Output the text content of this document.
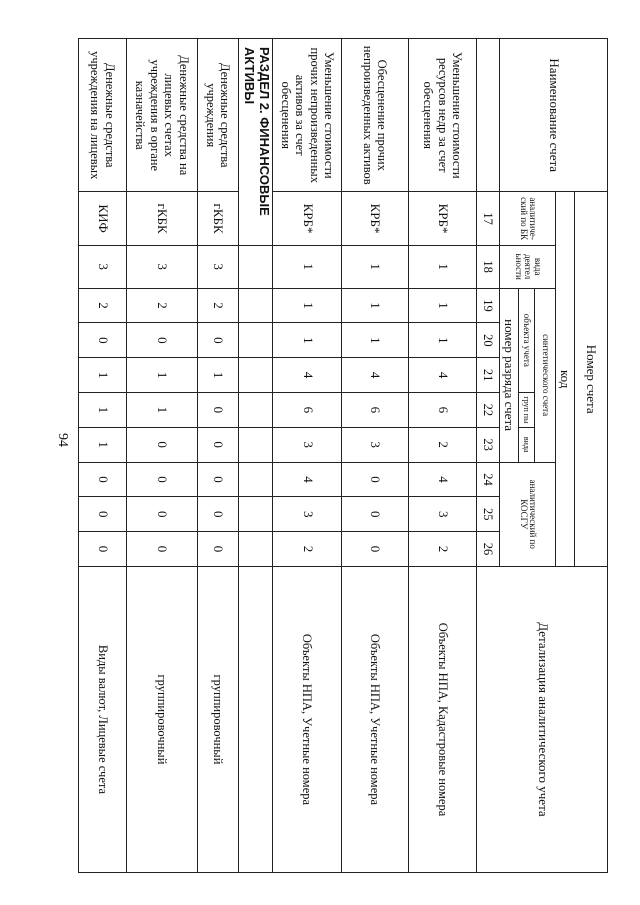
94
Наименование счета	Номер счета										Детализация аналитического учета
	код										
	аналитический по БК	вида деятел ьности	синтетического счета					аналитический по КОСГУ			
			объекта учета			груп пы	вида				
			номер разряда счета								
	17	18	19	20	21	22	23	24	25	26	
Уменьшение стоимости ресурсов недр за счет обесценения	КРБ*	1	1	1	4	6	2	4	3	2	Объекты НПА, Кадастровые номера
Обесценение прочих непроизведенных активов	КРБ*	1	1	1	4	6	3	0	0	0	Объекты НПА, Учетные номера
Уменьшение стоимости прочих непроизведенных активов за счет обесценения	КРБ*	1	1	1	4	6	3	4	3	2	Объекты НПА, Учетные номера
РАЗДЕЛ 2. ФИНАНСОВЫЕ АКТИВЫ											
Денежные средства учреждения	гКБК	3	2	0	1	0	0	0	0	0	группировочный
Денежные средства на лицевых счетах учреждения в органе казначейства	гКБК	3	2	0	1	1	0	0	0	0	группировочный
Денежные средства учреждения на лицевых	КИФ	3	2	0	1	1	1	0	0	0	Виды валют, Лицевые счета
